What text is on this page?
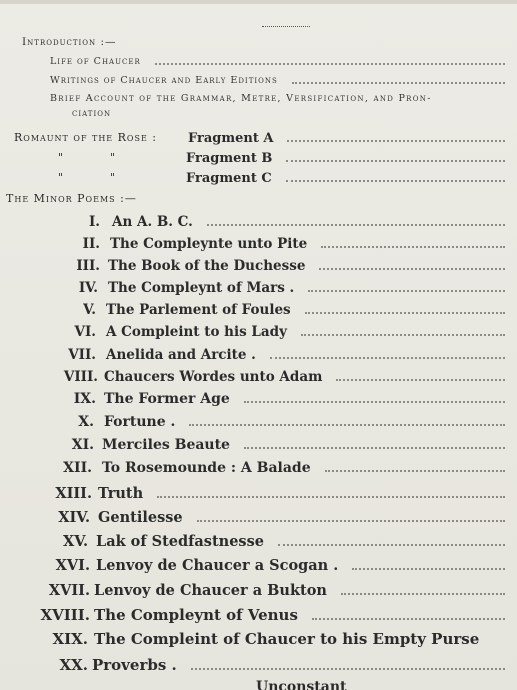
Introduction :—
Life of Chaucer
Writings of Chaucer and Early Editions
Brief Account of the Grammar, Metre, Versification, and Pron-
ciation
Romaunt of the Rose : Fragment A
"	"	Fragment B
"	"	Fragment C
The Minor Poems :—
I. An A. B. C.
II. The Compleynte unto Pite
III. The Book of the Duchesse
IV. The Compleynt of Mars .
V. The Parlement of Foules
VI. A Compleint to his Lady
VII. Anelida and Arcite .
VIII. Chaucers Wordes unto Adam
IX. The Former Age
X. Fortune .
XI. Merciles Beaute
XII. To Rosemounde : A Balade
XIII. Truth
XIV. Gentilesse
XV. Lak of Stedfastnesse
XVI. Lenvoy de Chaucer a Scogan .
XVII. Lenvoy de Chaucer a Bukton
XVIII. The Compleynt of Venus
XIX. The Compleint of Chaucer to his Empty Purse
XX. Proverbs .
Unconstant
